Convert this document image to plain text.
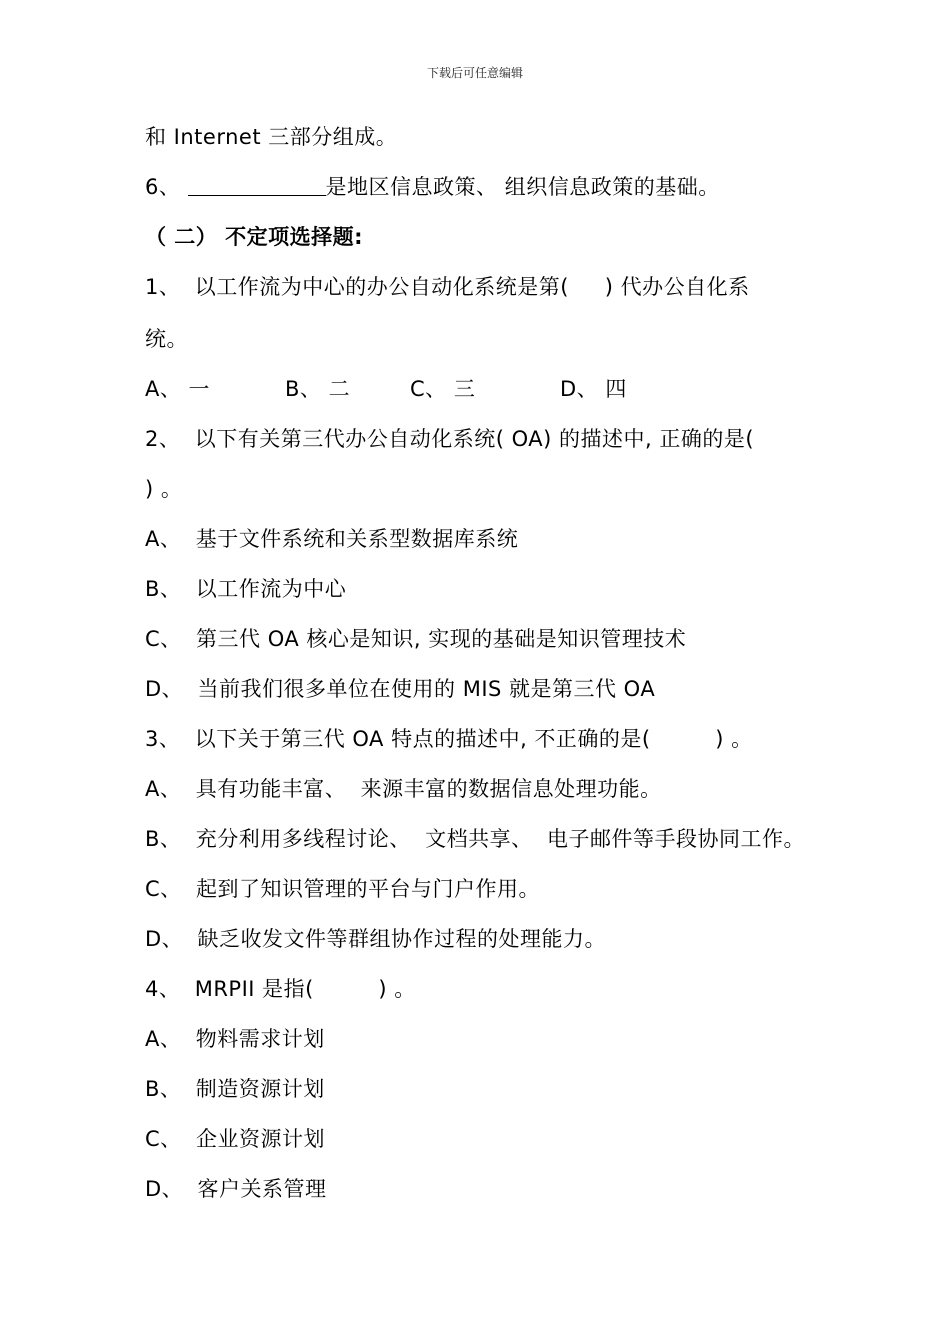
下载后可任意编辑
和 Internet 三部分组成。
6、	是地区信息政策、 组织信息政策的基础。
（ 二） 不定项选择题:
1、  以工作流为中心的办公自动化系统是第(     ) 代办公自化系
统。
A、 一	B、 二	C、 三	D、 四
2、  以下有关第三代办公自动化系统( OA) 的描述中, 正确的是(
) 。
A、  基于文件系统和关系型数据库系统
B、  以工作流为中心
C、  第三代 OA 核心是知识, 实现的基础是知识管理技术
D、  当前我们很多单位在使用的 MIS 就是第三代 OA
3、  以下关于第三代 OA 特点的描述中, 不正确的是(         ) 。
A、  具有功能丰富、  来源丰富的数据信息处理功能。
B、  充分利用多线程讨论、  文档共享、  电子邮件等手段协同工作。
C、  起到了知识管理的平台与门户作用。
D、  缺乏收发文件等群组协作过程的处理能力。
4、  MRPII 是指(         ) 。
A、  物料需求计划
B、  制造资源计划
C、  企业资源计划
D、  客户关系管理
